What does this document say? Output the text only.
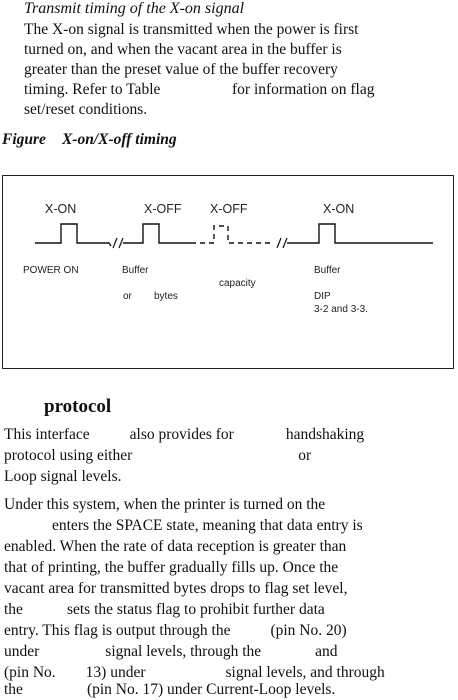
Transmit timing of the X-on signal
The X-on signal is transmitted when the power is first
turned on, and when the vacant area in the buffer is
greater than the preset value of the buffer recovery
timing. Refer to Table	for information on flag
set/reset conditions.
Figure X-on/X-off timing
X-ON	X-OFF X-OFF	X-ON
POWER ON	Buffer
or bytes
capacity
Buffer
DIP
3-2 and 3-3.
protocol
This interface	also provides for	handshaking
protocol using either	or
Loop signal levels.
Under this system, when the printer is turned on the
enters the SPACE state, meaning that data entry is
enabled. When the rate of data reception is greater than
that of printing, the buffer gradually fills up. Once the
vacant area for transmitted bytes drops to flag set level,
the	sets the status flag to prohibit further data
entry. This flag is output through the	(pin No. 20)
under	signal levels, through the	and
(pin No. 13) under	signal levels, and through
the	(pin No. 17) under Current-Loop levels.
